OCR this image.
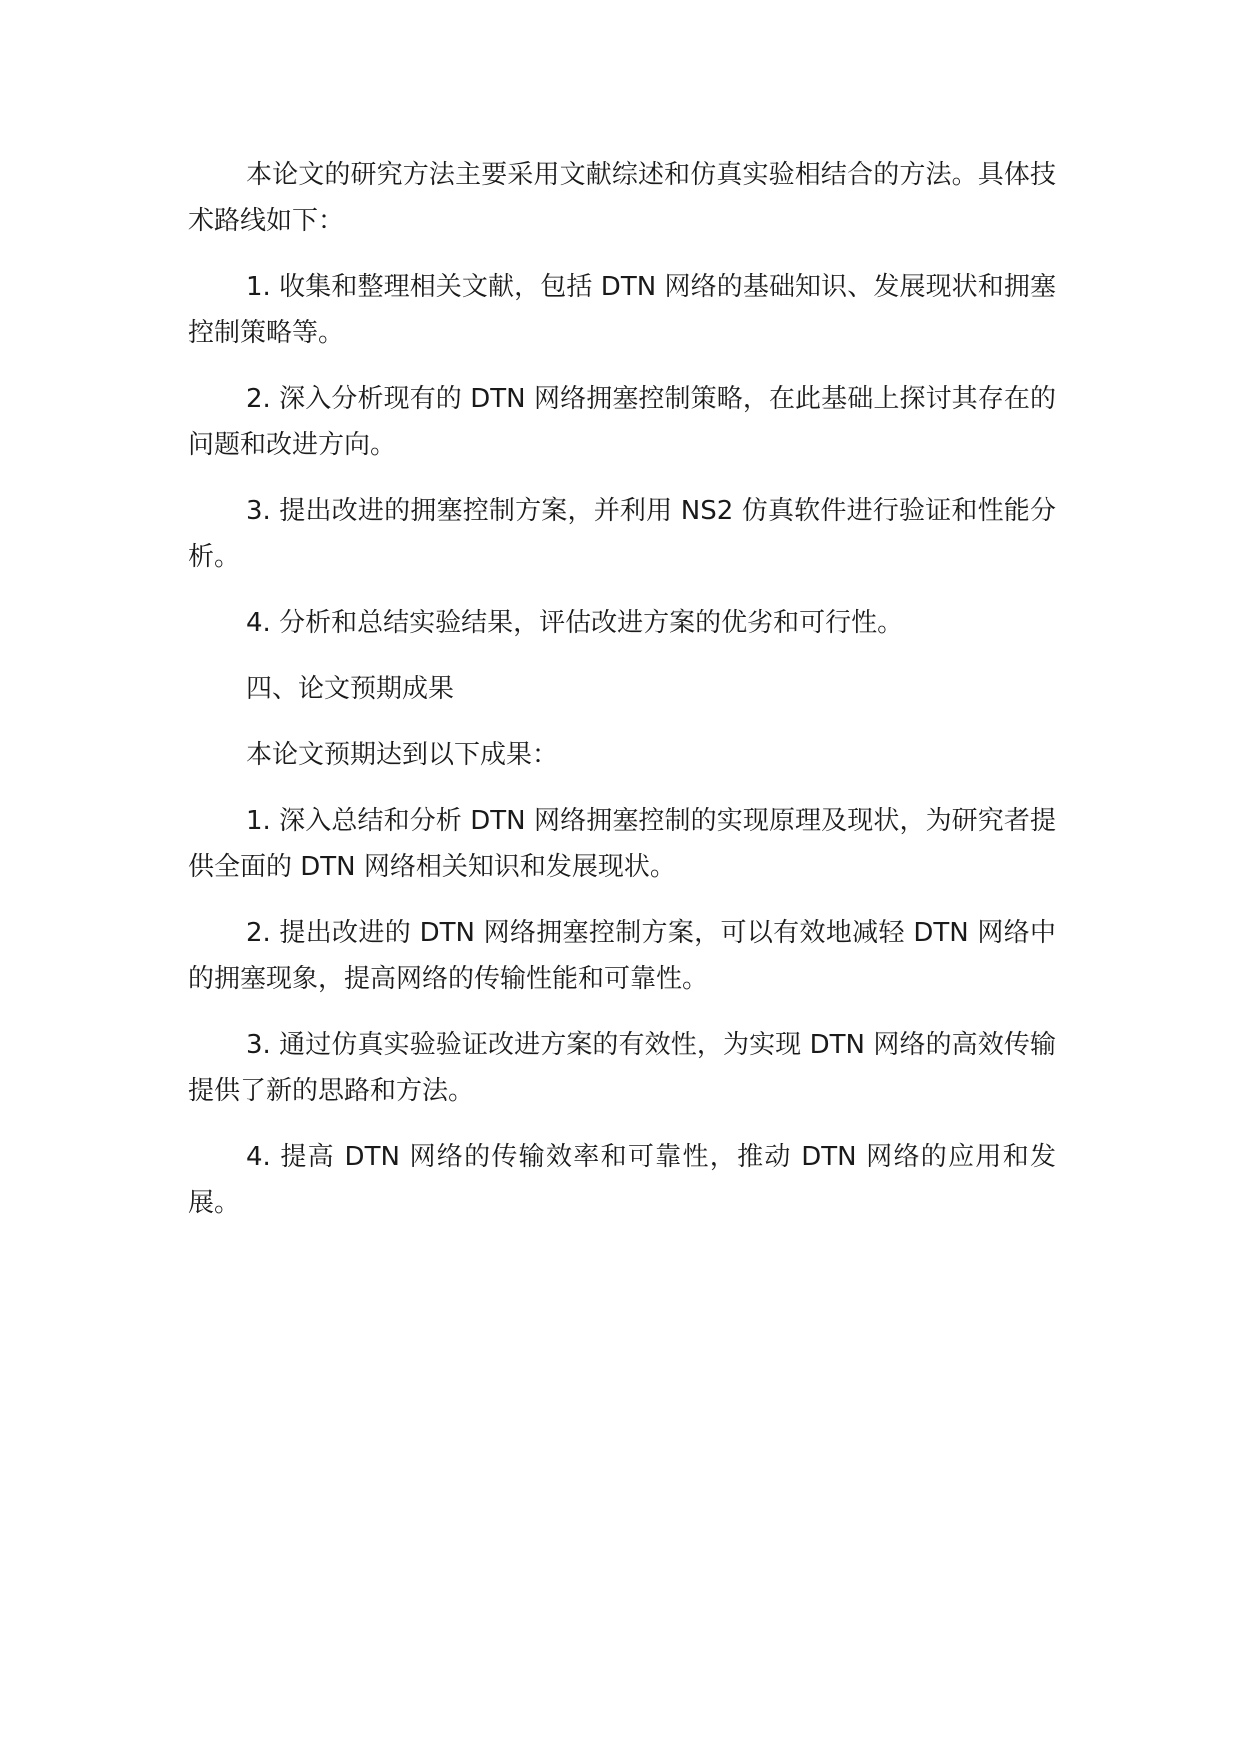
本论文的研究方法主要采用文献综述和仿真实验相结合的方法。具体技术路线如下：

1. 收集和整理相关文献，包括 DTN 网络的基础知识、发展现状和拥塞控制策略等。

2. 深入分析现有的 DTN 网络拥塞控制策略，在此基础上探讨其存在的问题和改进方向。

3. 提出改进的拥塞控制方案，并利用 NS2 仿真软件进行验证和性能分析。

4. 分析和总结实验结果，评估改进方案的优劣和可行性。

四、论文预期成果

本论文预期达到以下成果：

1. 深入总结和分析 DTN 网络拥塞控制的实现原理及现状，为研究者提供全面的 DTN 网络相关知识和发展现状。

2. 提出改进的 DTN 网络拥塞控制方案，可以有效地减轻 DTN 网络中的拥塞现象，提高网络的传输性能和可靠性。

3. 通过仿真实验验证改进方案的有效性，为实现 DTN 网络的高效传输提供了新的思路和方法。

4. 提高 DTN 网络的传输效率和可靠性，推动 DTN 网络的应用和发展。
